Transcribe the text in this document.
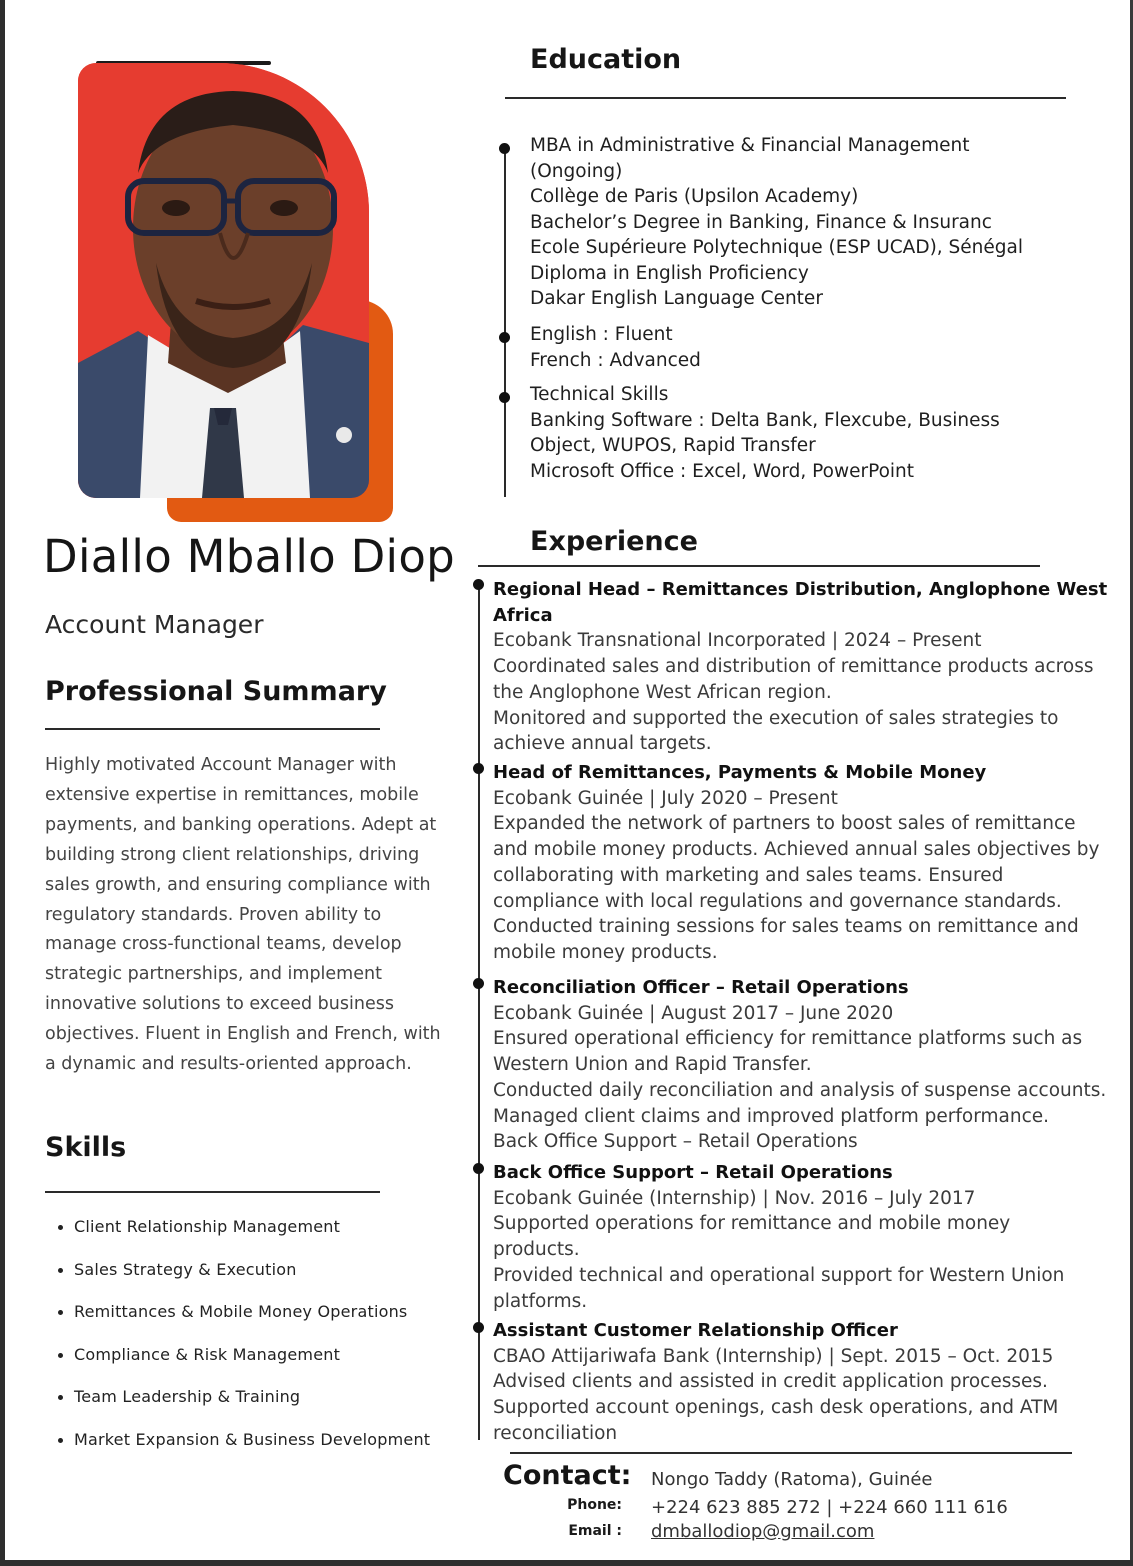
Diallo Mballo Diop
Account Manager
Professional Summary
Highly motivated Account Manager with extensive expertise in remittances, mobile payments, and banking operations. Adept at building strong client relationships, driving sales growth, and ensuring compliance with regulatory standards. Proven ability to manage cross-functional teams, develop strategic partnerships, and implement innovative solutions to exceed business objectives. Fluent in English and French, with a dynamic and results-oriented approach.
Skills
Client Relationship Management
Sales Strategy & Execution
Remittances & Mobile Money Operations
Compliance & Risk Management
Team Leadership & Training
Market Expansion & Business Development
Education
MBA in Administrative & Financial Management
(Ongoing)
Collège de Paris (Upsilon Academy)
Bachelor’s Degree in Banking, Finance & Insuranc
Ecole Supérieure Polytechnique (ESP UCAD), Sénégal
Diploma in English Proficiency
Dakar English Language Center
English : Fluent
French : Advanced
Technical Skills
Banking Software : Delta Bank, Flexcube, Business
Object, WUPOS, Rapid Transfer
Microsoft Office : Excel, Word, PowerPoint
Experience
Regional Head – Remittances Distribution, Anglophone West
Africa
Ecobank Transnational Incorporated | 2024 – Present
Coordinated sales and distribution of remittance products across
the Anglophone West African region.
Monitored and supported the execution of sales strategies to
achieve annual targets.
Head of Remittances, Payments & Mobile Money
Ecobank Guinée | July 2020 – Present
Expanded the network of partners to boost sales of remittance
and mobile money products. Achieved annual sales objectives by
collaborating with marketing and sales teams. Ensured
compliance with local regulations and governance standards.
Conducted training sessions for sales teams on remittance and
mobile money products.
Reconciliation Officer – Retail Operations
Ecobank Guinée | August 2017 – June 2020
Ensured operational efficiency for remittance platforms such as
Western Union and Rapid Transfer.
Conducted daily reconciliation and analysis of suspense accounts.
Managed client claims and improved platform performance.
Back Office Support – Retail Operations
Back Office Support – Retail Operations
Ecobank Guinée (Internship) | Nov. 2016 – July 2017
Supported operations for remittance and mobile money
products.
Provided technical and operational support for Western Union
platforms.
Assistant Customer Relationship Officer
CBAO Attijariwafa Bank (Internship) | Sept. 2015 – Oct. 2015
Advised clients and assisted in credit application processes.
Supported account openings, cash desk operations, and ATM
reconciliation
Contact: Nongo Taddy (Ratoma), Guinée
Phone: +224 623 885 272 | +224 660 111 616
Email : dmballodiop@gmail.com
